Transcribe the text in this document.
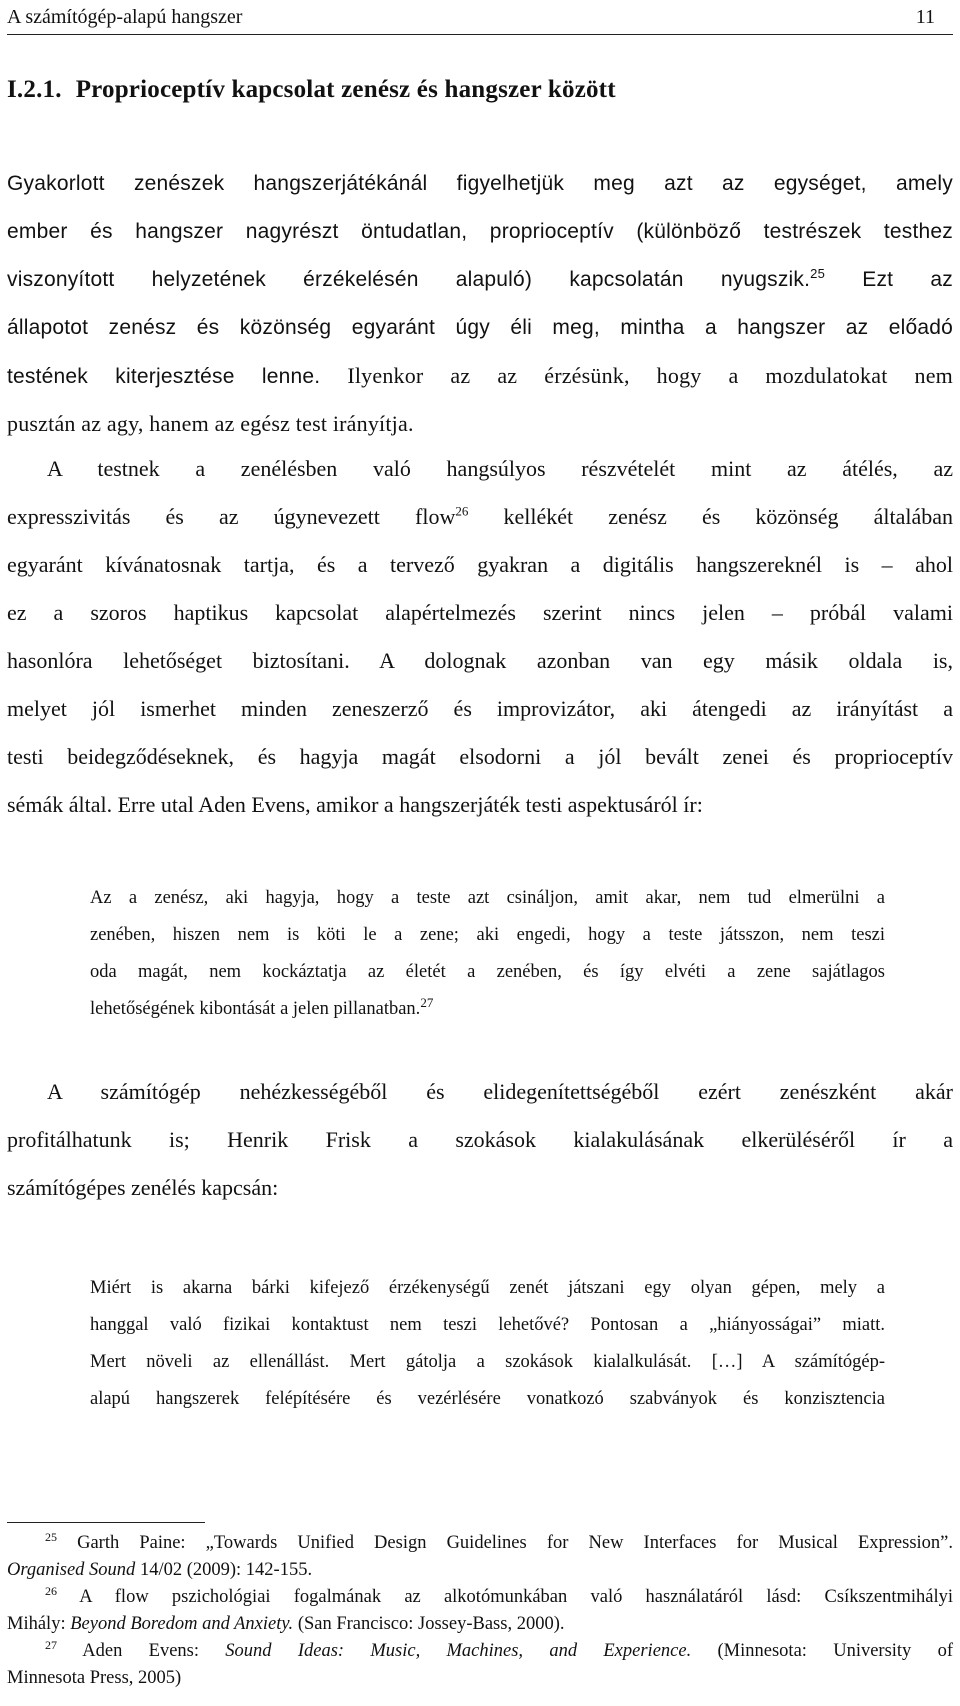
A számítógép-alapú hangszer	11
I.2.1. Proprioceptív kapcsolat zenész és hangszer között
Gyakorlott zenészek hangszerjátékánál figyelhetjük meg azt az egységet, amely
ember és hangszer nagyrészt öntudatlan, proprioceptív (különböző testrészek testhez
viszonyított helyzetének érzékelésén alapuló) kapcsolatán nyugszik.$^{25}$ Ezt az
állapotot zenész és közönség egyaránt úgy éli meg, mintha a hangszer az előadó
testének kiterjesztése lenne. Ilyenkor az az érzésünk, hogy a mozdulatokat nem
pusztán az agy, hanem az egész test irányítja.
A testnek a zenélésben való hangsúlyos részvételét mint az átélés, az
expresszivitás és az úgynevezett flow$^{26}$ kellékét zenész és közönség általában
egyaránt kívánatosnak tartja, és a tervező gyakran a digitális hangszereknél is – ahol
ez a szoros haptikus kapcsolat alapértelmezés szerint nincs jelen – próbál valami
hasonlóra lehetőséget biztosítani. A dolognak azonban van egy másik oldala is,
melyet jól ismerhet minden zeneszerző és improvizátor, aki átengedi az irányítást a
testi beidegződéseknek, és hagyja magát elsodorni a jól bevált zenei és proprioceptív
sémák által. Erre utal Aden Evens, amikor a hangszerjáték testi aspektusáról ír:
Az a zenész, aki hagyja, hogy a teste azt csináljon, amit akar, nem tud elmerülni a
zenében, hiszen nem is köti le a zene; aki engedi, hogy a teste játsszon, nem teszi
oda magát, nem kockáztatja az életét a zenében, és így elvéti a zene sajátlagos
lehetőségének kibontását a jelen pillanatban.$^{27}$
A számítógép nehézkességéből és elidegenítettségéből ezért zenészként akár
profitálhatunk is; Henrik Frisk a szokások kialakulásának elkerüléséről ír a
számítógépes zenélés kapcsán:
Miért is akarna bárki kifejező érzékenységű zenét játszani egy olyan gépen, mely a
hanggal való fizikai kontaktust nem teszi lehetővé? Pontosan a „hiányosságai” miatt.
Mert növeli az ellenállást. Mert gátolja a szokások kialalkulását. […] A számítógép-
alapú hangszerek felépítésére és vezérlésére vonatkozó szabványok és konzisztencia
$^{25}$ Garth Paine: „Towards Unified Design Guidelines for New Interfaces for Musical Expression”.
Organised Sound 14/02 (2009): 142-155.
$^{26}$ A flow pszichológiai fogalmának az alkotómunkában való használatáról lásd: Csíkszentmihályi
Mihály: Beyond Boredom and Anxiety. (San Francisco: Jossey-Bass, 2000).
$^{27}$ Aden Evens: Sound Ideas: Music, Machines, and Experience. (Minnesota: University of
Minnesota Press, 2005)
